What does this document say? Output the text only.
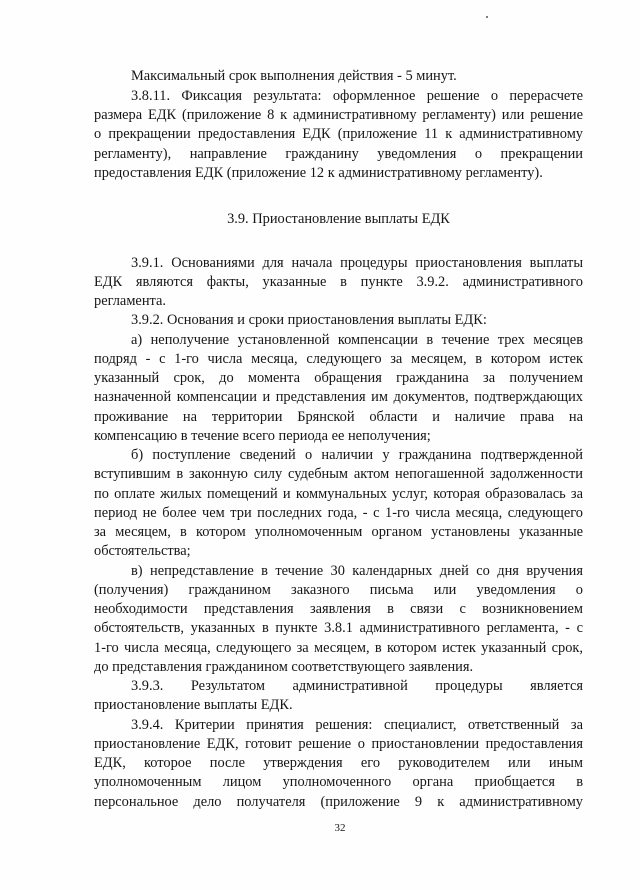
Максимальный срок выполнения действия - 5 минут.
3.8.11. Фиксация результата: оформленное решение о перерасчете
размера ЕДК (приложение 8 к административному регламенту) или решение
о прекращении предоставления ЕДК (приложение 11 к административному
регламенту), направление гражданину уведомления о прекращении
предоставления ЕДК (приложение 12 к административному регламенту).
3.9. Приостановление выплаты ЕДК
3.9.1. Основаниями для начала процедуры приостановления выплаты
ЕДК являются факты, указанные в пункте 3.9.2. административного
регламента.
3.9.2. Основания и сроки приостановления выплаты ЕДК:
а) неполучение установленной компенсации в течение трех месяцев
подряд - с 1-го числа месяца, следующего за месяцем, в котором истек
указанный срок, до момента обращения гражданина за получением
назначенной компенсации и представления им документов, подтверждающих
проживание на территории Брянской области и наличие права на
компенсацию в течение всего периода ее неполучения;
б) поступление сведений о наличии у гражданина подтвержденной
вступившим в законную силу судебным актом непогашенной задолженности
по оплате жилых помещений и коммунальных услуг, которая образовалась за
период не более чем три последних года, - с 1-го числа месяца, следующего
за месяцем, в котором уполномоченным органом установлены указанные
обстоятельства;
в) непредставление в течение 30 календарных дней со дня вручения
(получения) гражданином заказного письма или уведомления о
необходимости представления заявления в связи с возникновением
обстоятельств, указанных в пункте 3.8.1 административного регламента, - с
1-го числа месяца, следующего за месяцем, в котором истек указанный срок,
до представления гражданином соответствующего заявления.
3.9.3. Результатом административной процедуры является
приостановление выплаты ЕДК.
3.9.4. Критерии принятия решения: специалист, ответственный за
приостановление ЕДК, готовит решение о приостановлении предоставления
ЕДК, которое после утверждения его руководителем или иным
уполномоченным лицом уполномоченного органа приобщается в
персональное дело получателя (приложение 9 к административному
32
